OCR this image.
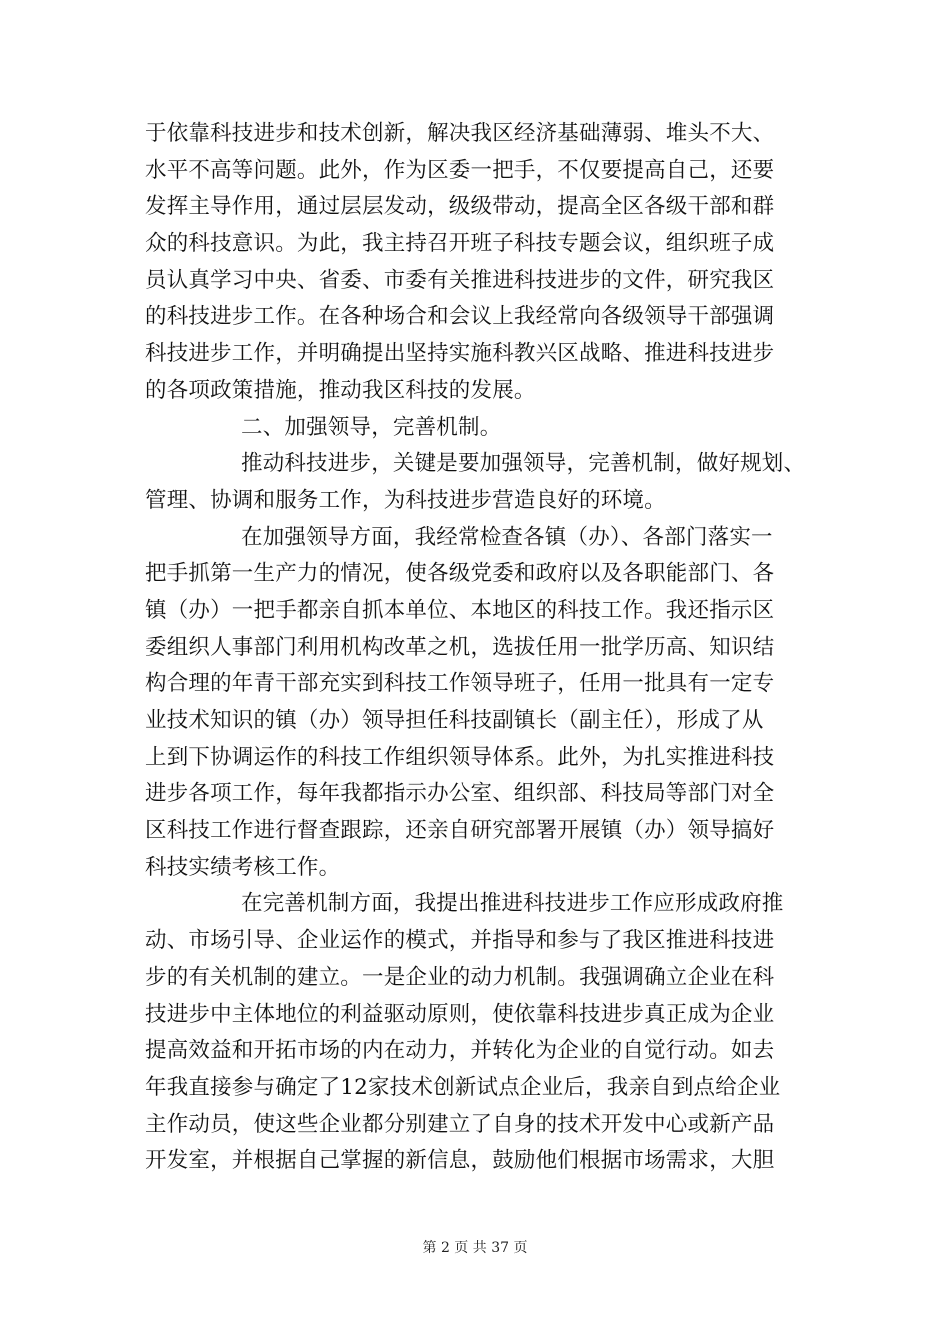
于依靠科技进步和技术创新，解决我区经济基础薄弱、堆头不大、
水平不高等问题。此外，作为区委一把手，不仅要提高自己，还要
发挥主导作用，通过层层发动，级级带动，提高全区各级干部和群
众的科技意识。为此，我主持召开班子科技专题会议，组织班子成
员认真学习中央、省委、市委有关推进科技进步的文件，研究我区
的科技进步工作。在各种场合和会议上我经常向各级领导干部强调
科技进步工作，并明确提出坚持实施科教兴区战略、推进科技进步
的各项政策措施，推动我区科技的发展。
二、加强领导，完善机制。
推动科技进步，关键是要加强领导，完善机制，做好规划、
管理、协调和服务工作，为科技进步营造良好的环境。
在加强领导方面，我经常检查各镇（办）、各部门落实一
把手抓第一生产力的情况，使各级党委和政府以及各职能部门、各
镇（办）一把手都亲自抓本单位、本地区的科技工作。我还指示区
委组织人事部门利用机构改革之机，选拔任用一批学历高、知识结
构合理的年青干部充实到科技工作领导班子，任用一批具有一定专
业技术知识的镇（办）领导担任科技副镇长（副主任），形成了从
上到下协调运作的科技工作组织领导体系。此外，为扎实推进科技
进步各项工作，每年我都指示办公室、组织部、科技局等部门对全
区科技工作进行督查跟踪，还亲自研究部署开展镇（办）领导搞好
科技实绩考核工作。
在完善机制方面，我提出推进科技进步工作应形成政府推
动、市场引导、企业运作的模式，并指导和参与了我区推进科技进
步的有关机制的建立。一是企业的动力机制。我强调确立企业在科
技进步中主体地位的利益驱动原则，使依靠科技进步真正成为企业
提高效益和开拓市场的内在动力，并转化为企业的自觉行动。如去
年我直接参与确定了12家技术创新试点企业后，我亲自到点给企业
主作动员，使这些企业都分别建立了自身的技术开发中心或新产品
开发室，并根据自己掌握的新信息，鼓励他们根据市场需求，大胆
第 2 页 共 37 页
